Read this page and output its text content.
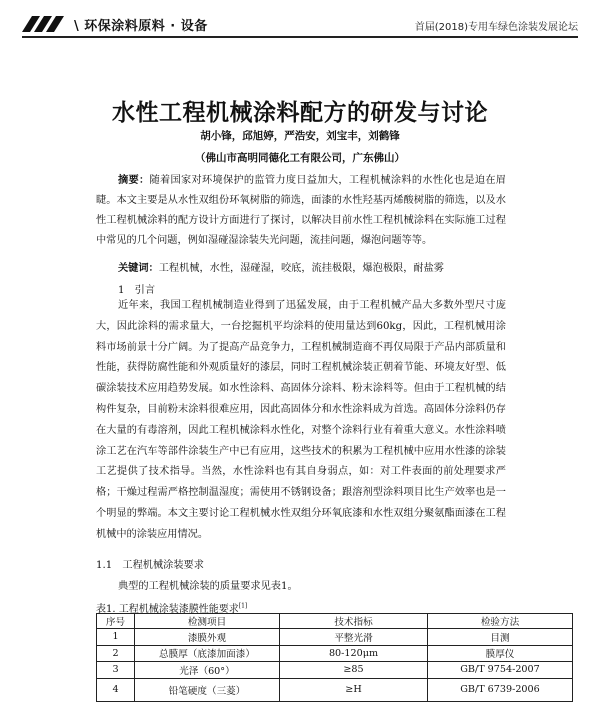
\ 环保涂料原料 · 设备	首届(2018)专用车绿色涂装发展论坛
水性工程机械涂料配方的研发与讨论
胡小锋，邱旭婷，严浩安，刘宝丰，刘鹤锋
（佛山市高明同德化工有限公司，广东佛山）
摘要：随着国家对环境保护的监管力度日益加大，工程机械涂料的水性化也是迫在眉睫。本文主要是从水性双组份环氧树脂的筛选，面漆的水性羟基丙烯酸树脂的筛选，以及水性工程机械涂料的配方设计方面进行了探讨，以解决目前水性工程机械涂料在实际施工过程中常见的几个问题，例如湿碰湿涂装失光问题，流挂问题，爆泡问题等等。
关键词：工程机械，水性，湿碰湿，咬底，流挂极限，爆泡极限，耐盐雾
1　引言
近年来，我国工程机械制造业得到了迅猛发展，由于工程机械产品大多数外型尺寸庞大，因此涂料的需求量大，一台挖掘机平均涂料的使用量达到60kg，因此，工程机械用涂料市场前景十分广阔。为了提高产品竞争力，工程机械制造商不再仅局限于产品内部质量和性能，获得防腐性能和外观质量好的漆层，同时工程机械涂装正朝着节能、环境友好型、低碳涂装技术应用趋势发展。如水性涂料、高固体分涂料、粉末涂料等。但由于工程机械的结构件复杂，目前粉末涂料很难应用，因此高固体分和水性涂料成为首选。高固体分涂料仍存在大量的有毒溶剂，因此工程机械涂料水性化，对整个涂料行业有着重大意义。水性涂料喷涂工艺在汽车等部件涂装生产中已有应用，这些技术的积累为工程机械中应用水性漆的涂装工艺提供了技术指导。当然，水性涂料也有其自身弱点，如：对工件表面的前处理要求严格；干燥过程需严格控制温湿度；需使用不锈钢设备；跟溶剂型涂料项目比生产效率也是一个明显的弊端。本文主要讨论工程机械水性双组分环氧底漆和水性双组分聚氨酯面漆在工程机械中的涂装应用情况。
1.1　工程机械涂装要求
典型的工程机械涂装的质量要求见表1。
表1. 工程机械涂装漆膜性能要求[1]
序号	检测项目	技术指标	检验方法
1	漆膜外观	平整光滑	目测
2	总膜厚（底漆加面漆）	80-120μm	膜厚仪
3	光泽（60°）	≥85	GB/T 9754-2007
4	铅笔硬度（三菱）	≥H	GB/T 6739-2006
